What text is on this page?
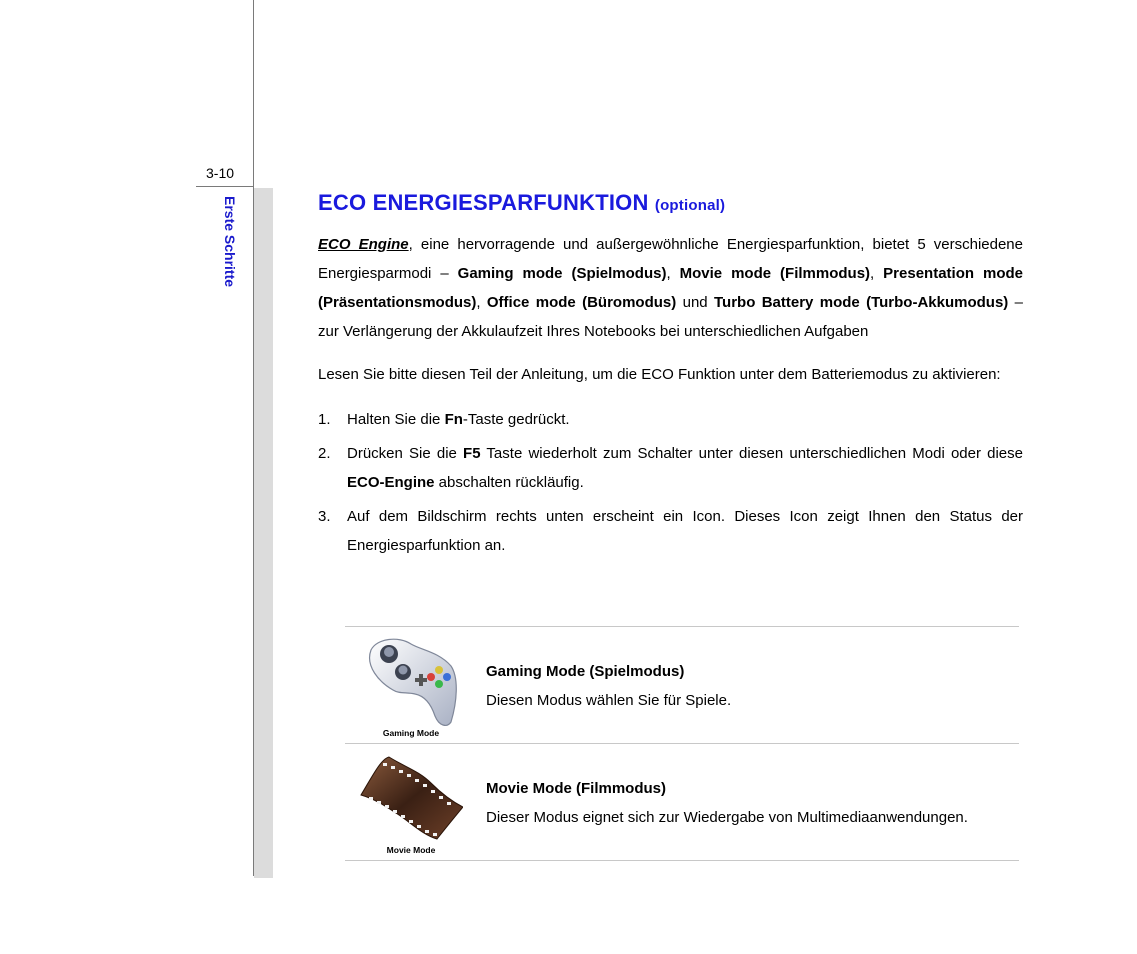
3-10
Erste Schritte	ECO ENERGIESPARFUNKTION (optional)

ECO Engine, eine hervorragende und außergewöhnliche Energiesparfunktion, bietet 5 verschiedene Energiesparmodi – Gaming mode (Spielmodus), Movie mode (Filmmodus), Presentation mode (Präsentationsmodus), Office mode (Büromodus) und Turbo Battery mode (Turbo-Akkumodus) – zur Verlängerung der Akkulaufzeit Ihres Notebooks bei unterschiedlichen Aufgaben

Lesen Sie bitte diesen Teil der Anleitung, um die ECO Funktion unter dem Batteriemodus zu aktivieren:

1. Halten Sie die Fn-Taste gedrückt.
2. Drücken Sie die F5 Taste wiederholt zum Schalter unter diesen unterschiedlichen Modi oder diese ECO-Engine abschalten rückläufig.
3. Auf dem Bildschirm rechts unten erscheint ein Icon. Dieses Icon zeigt Ihnen den Status der Energiesparfunktion an.
Gaming Mode
Gaming Mode (Spielmodus)
Diesen Modus wählen Sie für Spiele.
Movie Mode
Movie Mode (Filmmodus)
Dieser Modus eignet sich zur Wiedergabe von Multimediaanwendungen.
